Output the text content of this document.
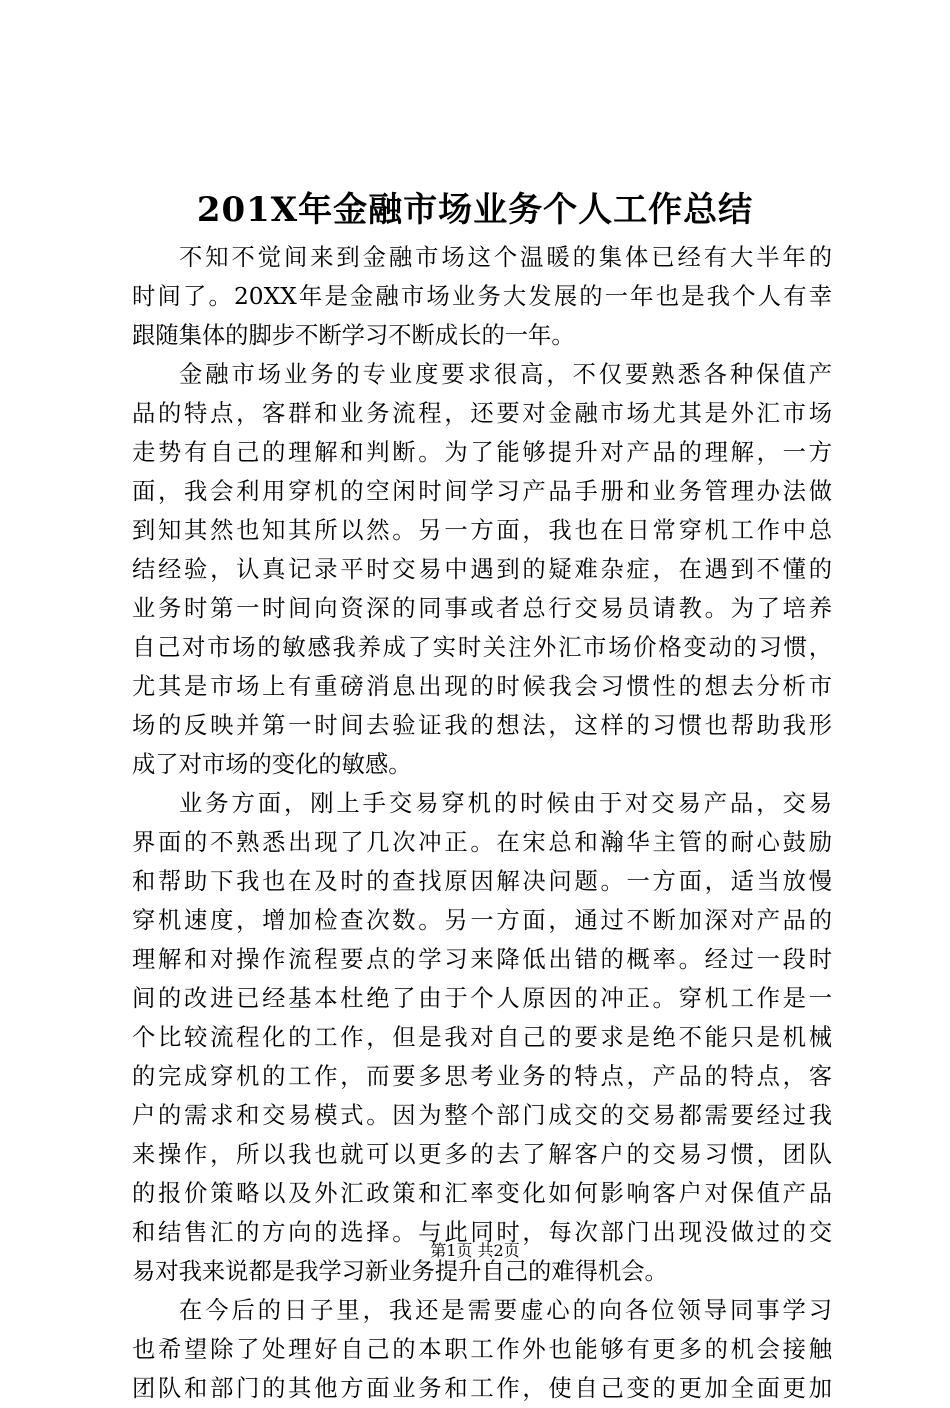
201X年金融市场业务个人工作总结
不知不觉间来到金融市场这个温暖的集体已经有大半年的
时间了。20XX年是金融市场业务大发展的一年也是我个人有幸
跟随集体的脚步不断学习不断成长的一年。
金融市场业务的专业度要求很高，不仅要熟悉各种保值产
品的特点，客群和业务流程，还要对金融市场尤其是外汇市场
走势有自己的理解和判断。为了能够提升对产品的理解，一方
面，我会利用穿机的空闲时间学习产品手册和业务管理办法做
到知其然也知其所以然。另一方面，我也在日常穿机工作中总
结经验，认真记录平时交易中遇到的疑难杂症，在遇到不懂的
业务时第一时间向资深的同事或者总行交易员请教。为了培养
自己对市场的敏感我养成了实时关注外汇市场价格变动的习惯，
尤其是市场上有重磅消息出现的时候我会习惯性的想去分析市
场的反映并第一时间去验证我的想法，这样的习惯也帮助我形
成了对市场的变化的敏感。
业务方面，刚上手交易穿机的时候由于对交易产品，交易
界面的不熟悉出现了几次冲正。在宋总和瀚华主管的耐心鼓励
和帮助下我也在及时的查找原因解决问题。一方面，适当放慢
穿机速度，增加检查次数。另一方面，通过不断加深对产品的
理解和对操作流程要点的学习来降低出错的概率。经过一段时
间的改进已经基本杜绝了由于个人原因的冲正。穿机工作是一
个比较流程化的工作，但是我对自己的要求是绝不能只是机械
的完成穿机的工作，而要多思考业务的特点，产品的特点，客
户的需求和交易模式。因为整个部门成交的交易都需要经过我
来操作，所以我也就可以更多的去了解客户的交易习惯，团队
的报价策略以及外汇政策和汇率变化如何影响客户对保值产品
和结售汇的方向的选择。与此同时，每次部门出现没做过的交
易对我来说都是我学习新业务提升自己的难得机会。
在今后的日子里，我还是需要虚心的向各位领导同事学习
也希望除了处理好自己的本职工作外也能够有更多的机会接触
团队和部门的其他方面业务和工作，使自己变的更加全面更加
第1页 共2页
